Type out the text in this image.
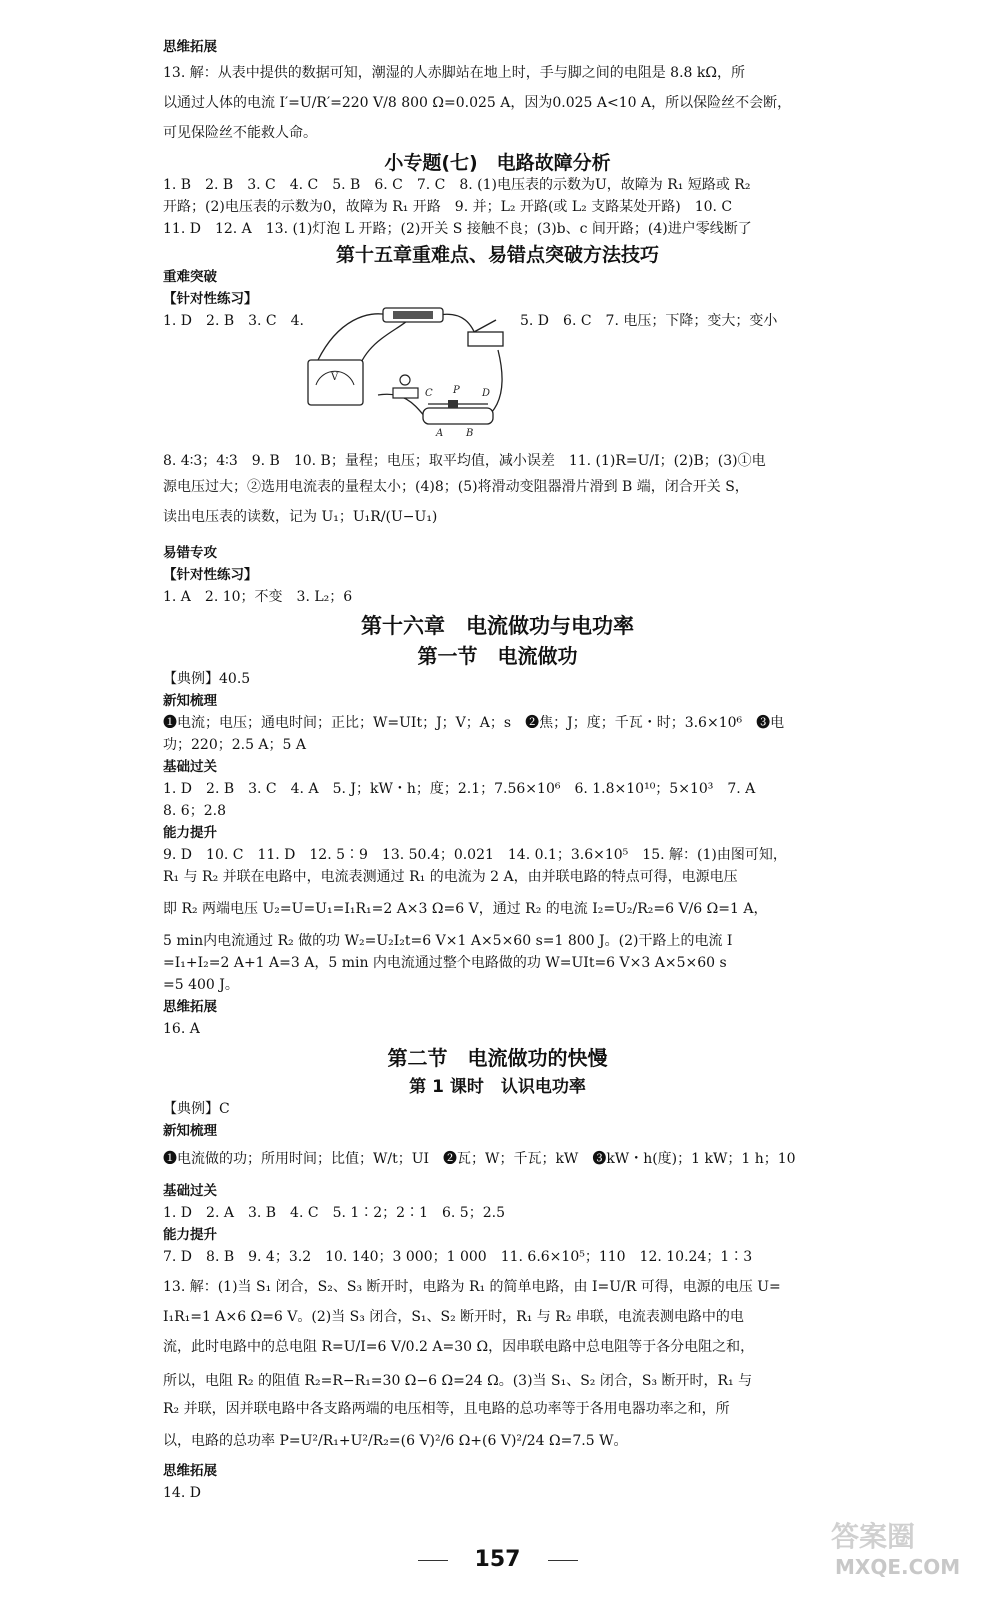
思维拓展
13. 解：从表中提供的数据可知，潮湿的人赤脚站在地上时，手与脚之间的电阻是 8.8 kΩ，所
以通过人体的电流 I′=U/R′=220 V/8 800 Ω=0.025 A，因为0.025 A<10 A，所以保险丝不会断，
可见保险丝不能救人命。
小专题(七)　电路故障分析
1. B　2. B　3. C　4. C　5. B　6. C　7. C　8. (1)电压表的示数为U，故障为 R₁ 短路或 R₂
开路；(2)电压表的示数为0，故障为 R₁ 开路　9. 并；L₂ 开路(或 L₂ 支路某处开路)　10. C
11. D　12. A　13. (1)灯泡 L 开路；(2)开关 S 接触不良；(3)b、c 间开路；(4)进户零线断了
第十五章重难点、易错点突破方法技巧
重难突破
【针对性练习】
1. D　2. B　3. C　4.	5. D　6. C　7. 电压；下降；变大；变小
V
C P D
A B
8. 4∶3；4∶3　9. B　10. B；量程；电压；取平均值，减小误差　11. (1)R=U/I；(2)B；(3)①电
源电压过大；②选用电流表的量程太小；(4)8；(5)将滑动变阻器滑片滑到 B 端，闭合开关 S，
读出电压表的读数，记为 U₁；U₁R/(U−U₁)
易错专攻
【针对性练习】
1. A　2. 10；不变　3. L₂；6
第十六章　电流做功与电功率
第一节　电流做功
【典例】40.5
新知梳理
❶电流；电压；通电时间；正比；W=UIt；J；V；A；s　❷焦；J；度；千瓦・时；3.6×10⁶　❸电
功；220；2.5 A；5 A
基础过关
1. D　2. B　3. C　4. A　5. J；kW・h；度；2.1；7.56×10⁶　6. 1.8×10¹⁰；5×10³　7. A
8. 6；2.8
能力提升
9. D　10. C　11. D　12. 5∶9　13. 50.4；0.021　14. 0.1；3.6×10⁵　15. 解：(1)由图可知，
R₁ 与 R₂ 并联在电路中，电流表测通过 R₁ 的电流为 2 A，由并联电路的特点可得，电源电压
即 R₂ 两端电压 U₂=U=U₁=I₁R₁=2 A×3 Ω=6 V，通过 R₂ 的电流 I₂=U₂/R₂=6 V/6 Ω=1 A，
5 min内电流通过 R₂ 做的功 W₂=U₂I₂t=6 V×1 A×5×60 s=1 800 J。(2)干路上的电流 I
=I₁+I₂=2 A+1 A=3 A，5 min 内电流通过整个电路做的功 W=UIt=6 V×3 A×5×60 s
=5 400 J。
思维拓展
16. A
第二节　电流做功的快慢
第 1 课时　认识电功率
【典例】C
新知梳理
❶电流做的功；所用时间；比值；W/t；UI　❷瓦；W；千瓦；kW　❸kW・h(度)；1 kW；1 h；10
基础过关
1. D　2. A　3. B　4. C　5. 1∶2；2∶1　6. 5；2.5
能力提升
7. D　8. B　9. 4；3.2　10. 140；3 000；1 000　11. 6.6×10⁵；110　12. 10.24；1∶3
13. 解：(1)当 S₁ 闭合，S₂、S₃ 断开时，电路为 R₁ 的简单电路，由 I=U/R 可得，电源的电压 U=
I₁R₁=1 A×6 Ω=6 V。(2)当 S₃ 闭合，S₁、S₂ 断开时，R₁ 与 R₂ 串联，电流表测电路中的电
流，此时电路中的总电阻 R=U/I=6 V/0.2 A=30 Ω，因串联电路中总电阻等于各分电阻之和，
所以，电阻 R₂ 的阻值 R₂=R−R₁=30 Ω−6 Ω=24 Ω。(3)当 S₁、S₂ 闭合，S₃ 断开时，R₁ 与
R₂ 并联，因并联电路中各支路两端的电压相等，且电路的总功率等于各用电器功率之和，所
以，电路的总功率 P=U²/R₁+U²/R₂=(6 V)²/6 Ω+(6 V)²/24 Ω=7.5 W。
思维拓展
14. D
157
答案圈
MXQE.COM
